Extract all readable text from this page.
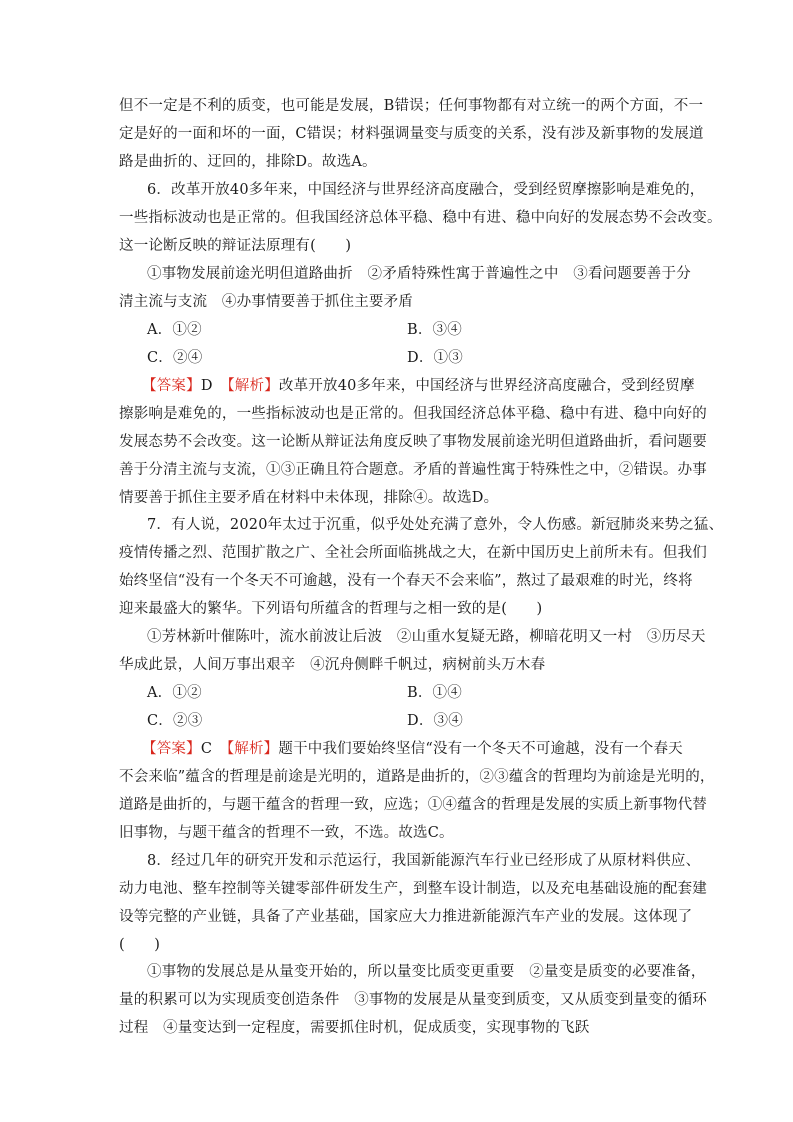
但不一定是不利的质变，也可能是发展，B错误；任何事物都有对立统一的两个方面，不一
定是好的一面和坏的一面，C错误；材料强调量变与质变的关系，没有涉及新事物的发展道
路是曲折的、迂回的，排除D。故选A。
6．改革开放40多年来，中国经济与世界经济高度融合，受到经贸摩擦影响是难免的，
一些指标波动也是正常的。但我国经济总体平稳、稳中有进、稳中向好的发展态势不会改变。
这一论断反映的辩证法原理有(　　)
①事物发展前途光明但道路曲折　②矛盾特殊性寓于普遍性之中　③看问题要善于分
清主流与支流　④办事情要善于抓住主要矛盾
A．①②	B．③④
C．②④	D．①③
【答案】D　【解析】改革开放40多年来，中国经济与世界经济高度融合，受到经贸摩
擦影响是难免的，一些指标波动也是正常的。但我国经济总体平稳、稳中有进、稳中向好的
发展态势不会改变。这一论断从辩证法角度反映了事物发展前途光明但道路曲折，看问题要
善于分清主流与支流，①③正确且符合题意。矛盾的普遍性寓于特殊性之中，②错误。办事
情要善于抓住主要矛盾在材料中未体现，排除④。故选D。
7．有人说，2020年太过于沉重，似乎处处充满了意外，令人伤感。新冠肺炎来势之猛、
疫情传播之烈、范围扩散之广、全社会所面临挑战之大，在新中国历史上前所未有。但我们
始终坚信“没有一个冬天不可逾越，没有一个春天不会来临”，熬过了最艰难的时光，终将
迎来最盛大的繁华。下列语句所蕴含的哲理与之相一致的是(　　)
①芳林新叶催陈叶，流水前波让后波　②山重水复疑无路，柳暗花明又一村　③历尽天
华成此景，人间万事出艰辛　④沉舟侧畔千帆过，病树前头万木春
A．①②	B．①④
C．②③	D．③④
【答案】C　【解析】题干中我们要始终坚信“没有一个冬天不可逾越，没有一个春天
不会来临”蕴含的哲理是前途是光明的，道路是曲折的，②③蕴含的哲理均为前途是光明的，
道路是曲折的，与题干蕴含的哲理一致，应选；①④蕴含的哲理是发展的实质上新事物代替
旧事物，与题干蕴含的哲理不一致，不选。故选C。
8．经过几年的研究开发和示范运行，我国新能源汽车行业已经形成了从原材料供应、
动力电池、整车控制等关键零部件研发生产，到整车设计制造，以及充电基础设施的配套建
设等完整的产业链，具备了产业基础，国家应大力推进新能源汽车产业的发展。这体现了
(　　)
①事物的发展总是从量变开始的，所以量变比质变更重要　②量变是质变的必要准备，
量的积累可以为实现质变创造条件　③事物的发展是从量变到质变，又从质变到量变的循环
过程　④量变达到一定程度，需要抓住时机，促成质变，实现事物的飞跃
